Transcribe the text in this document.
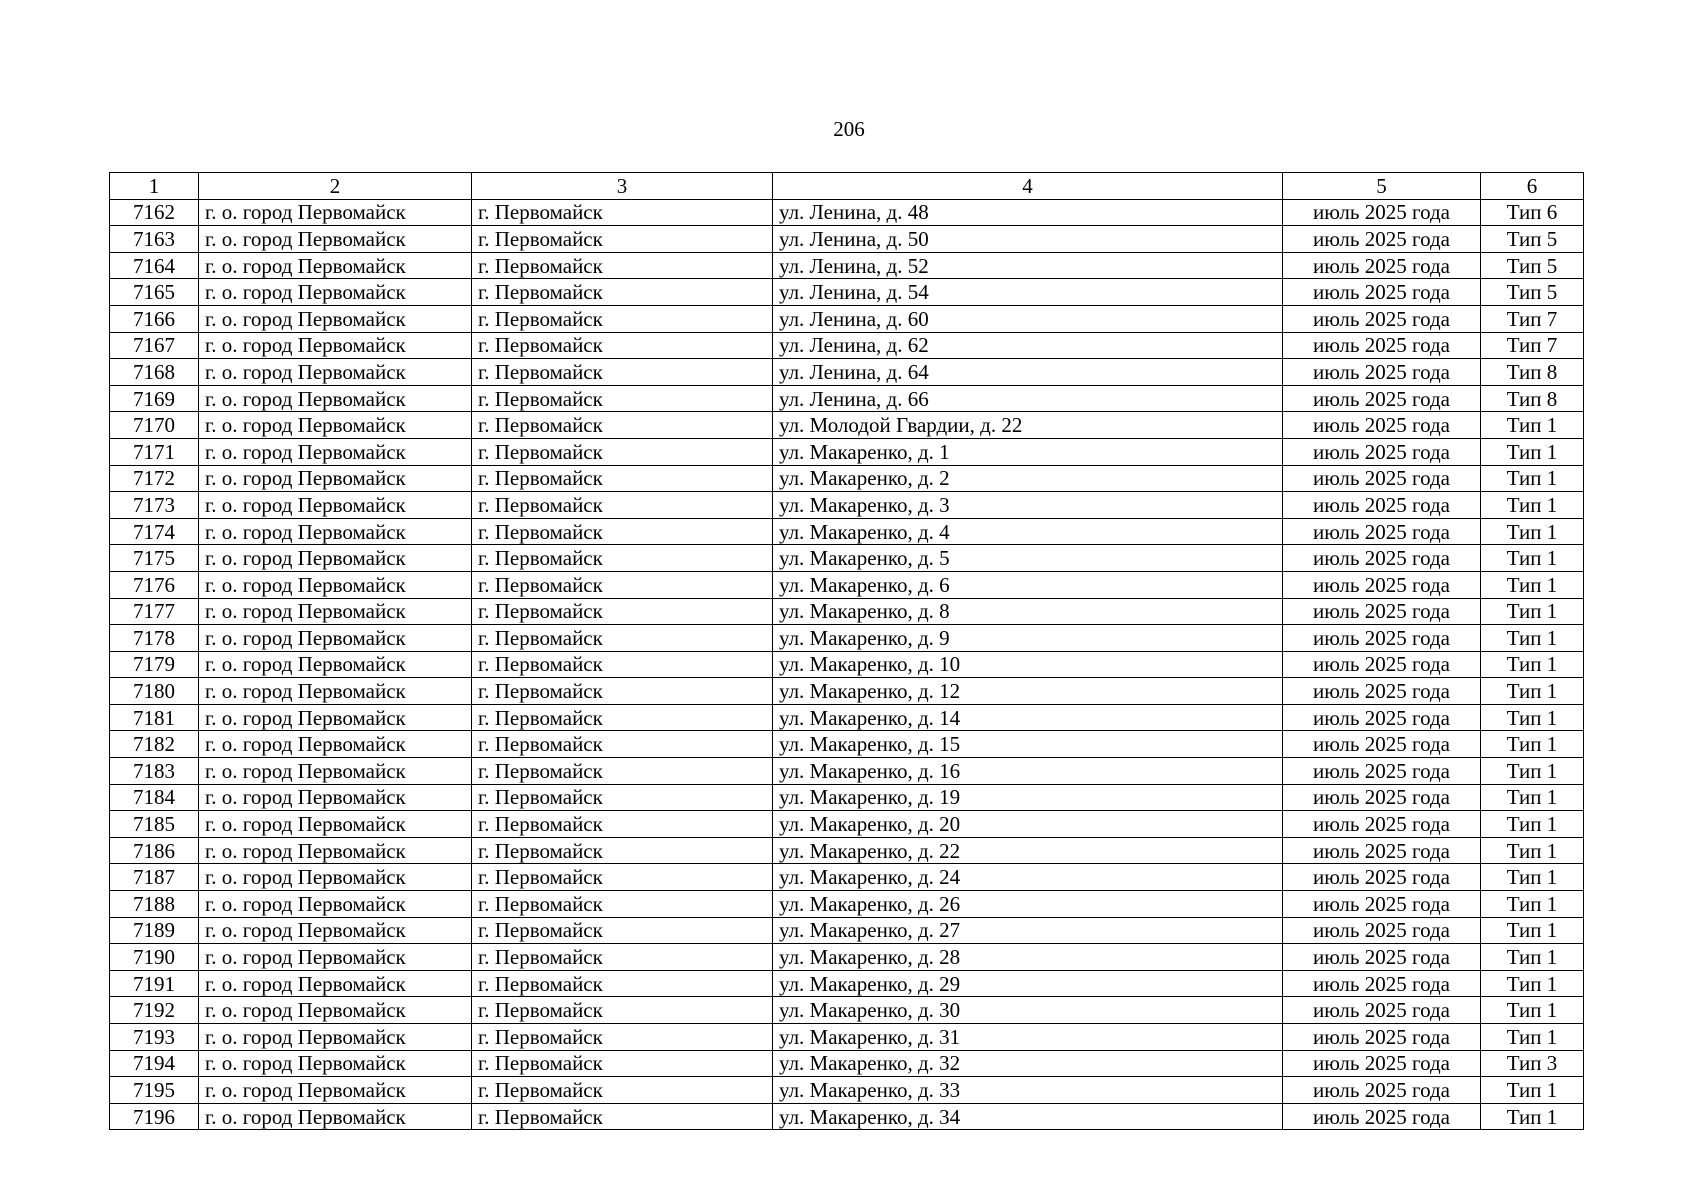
206
1	2	3	4	5	6
7162	г. о. город Первомайск	г. Первомайск	ул. Ленина, д. 48	июль 2025 года	Тип 6
7163	г. о. город Первомайск	г. Первомайск	ул. Ленина, д. 50	июль 2025 года	Тип 5
7164	г. о. город Первомайск	г. Первомайск	ул. Ленина, д. 52	июль 2025 года	Тип 5
7165	г. о. город Первомайск	г. Первомайск	ул. Ленина, д. 54	июль 2025 года	Тип 5
7166	г. о. город Первомайск	г. Первомайск	ул. Ленина, д. 60	июль 2025 года	Тип 7
7167	г. о. город Первомайск	г. Первомайск	ул. Ленина, д. 62	июль 2025 года	Тип 7
7168	г. о. город Первомайск	г. Первомайск	ул. Ленина, д. 64	июль 2025 года	Тип 8
7169	г. о. город Первомайск	г. Первомайск	ул. Ленина, д. 66	июль 2025 года	Тип 8
7170	г. о. город Первомайск	г. Первомайск	ул. Молодой Гвардии, д. 22	июль 2025 года	Тип 1
7171	г. о. город Первомайск	г. Первомайск	ул. Макаренко, д. 1	июль 2025 года	Тип 1
7172	г. о. город Первомайск	г. Первомайск	ул. Макаренко, д. 2	июль 2025 года	Тип 1
7173	г. о. город Первомайск	г. Первомайск	ул. Макаренко, д. 3	июль 2025 года	Тип 1
7174	г. о. город Первомайск	г. Первомайск	ул. Макаренко, д. 4	июль 2025 года	Тип 1
7175	г. о. город Первомайск	г. Первомайск	ул. Макаренко, д. 5	июль 2025 года	Тип 1
7176	г. о. город Первомайск	г. Первомайск	ул. Макаренко, д. 6	июль 2025 года	Тип 1
7177	г. о. город Первомайск	г. Первомайск	ул. Макаренко, д. 8	июль 2025 года	Тип 1
7178	г. о. город Первомайск	г. Первомайск	ул. Макаренко, д. 9	июль 2025 года	Тип 1
7179	г. о. город Первомайск	г. Первомайск	ул. Макаренко, д. 10	июль 2025 года	Тип 1
7180	г. о. город Первомайск	г. Первомайск	ул. Макаренко, д. 12	июль 2025 года	Тип 1
7181	г. о. город Первомайск	г. Первомайск	ул. Макаренко, д. 14	июль 2025 года	Тип 1
7182	г. о. город Первомайск	г. Первомайск	ул. Макаренко, д. 15	июль 2025 года	Тип 1
7183	г. о. город Первомайск	г. Первомайск	ул. Макаренко, д. 16	июль 2025 года	Тип 1
7184	г. о. город Первомайск	г. Первомайск	ул. Макаренко, д. 19	июль 2025 года	Тип 1
7185	г. о. город Первомайск	г. Первомайск	ул. Макаренко, д. 20	июль 2025 года	Тип 1
7186	г. о. город Первомайск	г. Первомайск	ул. Макаренко, д. 22	июль 2025 года	Тип 1
7187	г. о. город Первомайск	г. Первомайск	ул. Макаренко, д. 24	июль 2025 года	Тип 1
7188	г. о. город Первомайск	г. Первомайск	ул. Макаренко, д. 26	июль 2025 года	Тип 1
7189	г. о. город Первомайск	г. Первомайск	ул. Макаренко, д. 27	июль 2025 года	Тип 1
7190	г. о. город Первомайск	г. Первомайск	ул. Макаренко, д. 28	июль 2025 года	Тип 1
7191	г. о. город Первомайск	г. Первомайск	ул. Макаренко, д. 29	июль 2025 года	Тип 1
7192	г. о. город Первомайск	г. Первомайск	ул. Макаренко, д. 30	июль 2025 года	Тип 1
7193	г. о. город Первомайск	г. Первомайск	ул. Макаренко, д. 31	июль 2025 года	Тип 1
7194	г. о. город Первомайск	г. Первомайск	ул. Макаренко, д. 32	июль 2025 года	Тип 3
7195	г. о. город Первомайск	г. Первомайск	ул. Макаренко, д. 33	июль 2025 года	Тип 1
7196	г. о. город Первомайск	г. Первомайск	ул. Макаренко, д. 34	июль 2025 года	Тип 1
